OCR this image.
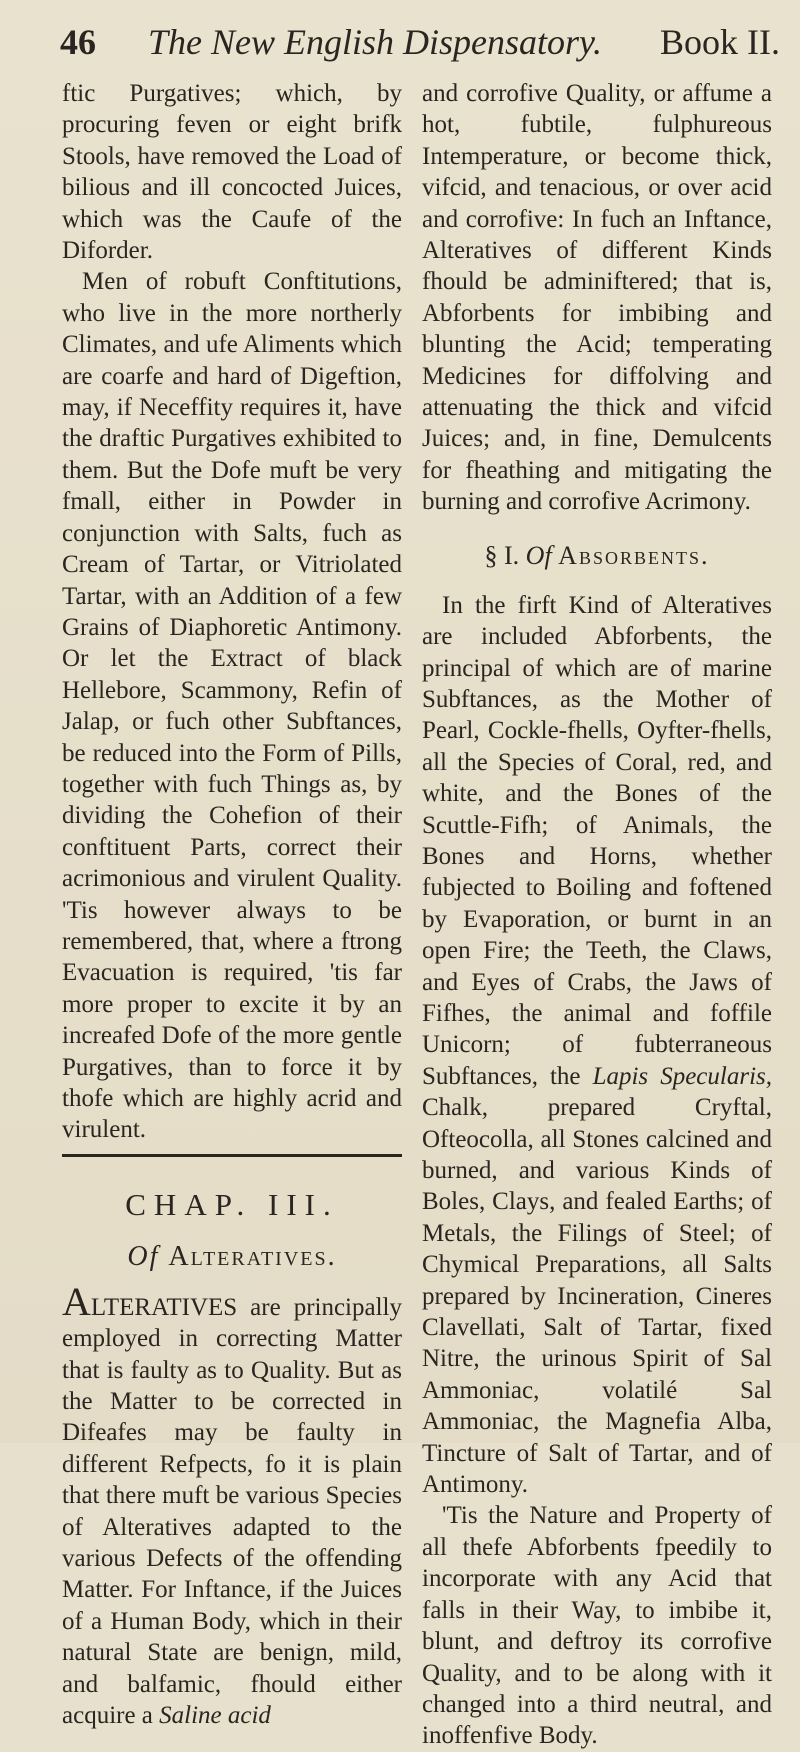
46 The New English Dispensatory. Book II.

ftic Purgatives; which, by procuring feven or eight brifk Stools, have removed the Load of bilious and ill concocted Juices, which was the Caufe of the Diforder.

Men of robuft Conftitutions, who live in the more northerly Climates, and ufe Aliments which are coarfe and hard of Digeftion, may, if Neceffity requires it, have the draftic Purgatives exhibited to them. But the Dofe muft be very fmall, either in Powder in conjunction with Salts, fuch as Cream of Tartar, or Vitriolated Tartar, with an Addition of a few Grains of Diaphoretic Antimony. Or let the Extract of black Hellebore, Scammony, Refin of Jalap, or fuch other Subftances, be reduced into the Form of Pills, together with fuch Things as, by dividing the Cohefion of their conftituent Parts, correct their acrimonious and virulent Quality. 'Tis however always to be remembered, that, where a ftrong Evacuation is required, 'tis far more proper to excite it by an increafed Dofe of the more gentle Purgatives, than to force it by thofe which are highly acrid and virulent.

CHAP. III.
Of Alteratives.

ALTERATIVES are principally employed in correcting Matter that is faulty as to Quality. But as the Matter to be corrected in Difeafes may be faulty in different Refpects, fo it is plain that there muft be various Species of Alteratives adapted to the various Defects of the offending Matter. For Inftance, if the Juices of a Human Body, which in their natural State are benign, mild, and balfamic, fhould either acquire a Saline acid

and corrofive Quality, or affume a hot, fubtile, fulphureous Intemperature, or become thick, vifcid, and tenacious, or over acid and corrofive: In fuch an Inftance, Alteratives of different Kinds fhould be adminiftered; that is, Abforbents for imbibing and blunting the Acid; temperating Medicines for diffolving and attenuating the thick and vifcid Juices; and, in fine, Demulcents for fheathing and mitigating the burning and corrofive Acrimony.

§ I. Of Absorbents.

In the firft Kind of Alteratives are included Abforbents, the principal of which are of marine Subftances, as the Mother of Pearl, Cockle-fhells, Oyfter-fhells, all the Species of Coral, red, and white, and the Bones of the Scuttle-Fifh; of Animals, the Bones and Horns, whether fubjected to Boiling and foftened by Evaporation, or burnt in an open Fire; the Teeth, the Claws, and Eyes of Crabs, the Jaws of Fifhes, the animal and foffile Unicorn; of fubterraneous Subftances, the Lapis Specularis, Chalk, prepared Cryftal, Ofteocolla, all Stones calcined and burned, and various Kinds of Boles, Clays, and fealed Earths; of Metals, the Filings of Steel; of Chymical Preparations, all Salts prepared by Incineration, Cineres Clavellati, Salt of Tartar, fixed Nitre, the urinous Spirit of Sal Ammoniac, volatilé Sal Ammoniac, the Magnefia Alba, Tincture of Salt of Tartar, and of Antimony.

'Tis the Nature and Property of all thefe Abforbents fpeedily to incorporate with any Acid that falls in their Way, to imbibe it, blunt, and deftroy its corrofive Quality, and to be along with it changed into a third neutral, and inoffenfive Body.
